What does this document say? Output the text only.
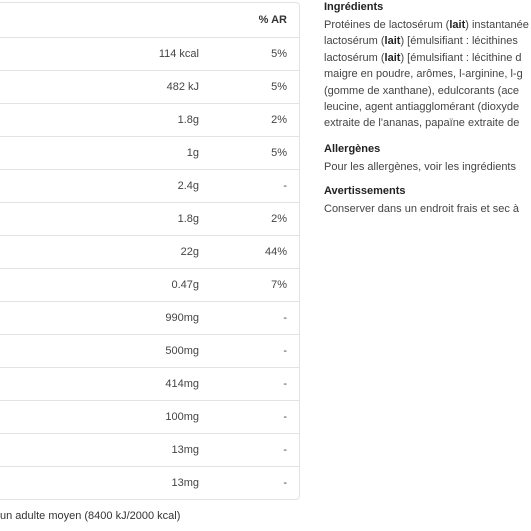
% AR
114 kcal	5%
482 kJ	5%
1.8g	2%
1g	5%
2.4g	-
1.8g	2%
22g	44%
0.47g	7%
990mg	-
500mg	-
414mg	-
100mg	-
13mg	-
13mg	-
un adulte moyen (8400 kJ/2000 kcal)
Ingrédients
Protéines de lactosérum (lait) instantanée
lactosérum (lait) [émulsifiant : lécithines
lactosérum (lait) [émulsifiant : lécithine d
maigre en poudre, arômes, l-arginine, l-g
(gomme de xanthane), edulcorants (ace
leucine, agent antiagglomérant (dioxyde
extraite de l'ananas, papaïne extraite de
Allergènes
Pour les allergènes, voir les ingrédients
Avertissements
Conserver dans un endroit frais et sec à
